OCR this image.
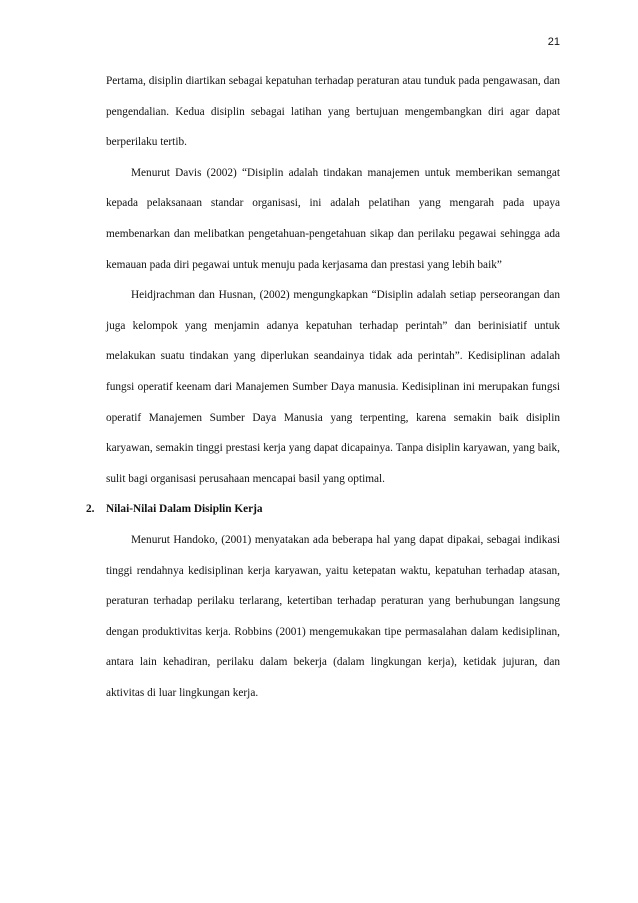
21

Pertama, disiplin diartikan sebagai kepatuhan terhadap peraturan atau tunduk pada pengawasan, dan pengendalian. Kedua disiplin sebagai latihan yang bertujuan mengembangkan diri agar dapat berperilaku tertib.

Menurut Davis (2002) “Disiplin adalah tindakan manajemen untuk memberikan semangat kepada pelaksanaan standar organisasi, ini adalah pelatihan yang mengarah pada upaya membenarkan dan melibatkan pengetahuan-pengetahuan sikap dan perilaku pegawai sehingga ada kemauan pada diri pegawai untuk menuju pada kerjasama dan prestasi yang lebih baik”

Heidjrachman dan Husnan, (2002) mengungkapkan “Disiplin adalah setiap perseorangan dan juga kelompok yang menjamin adanya kepatuhan terhadap perintah” dan berinisiatif untuk melakukan suatu tindakan yang diperlukan seandainya tidak ada perintah”. Kedisiplinan adalah fungsi operatif keenam dari Manajemen Sumber Daya manusia. Kedisiplinan ini merupakan fungsi operatif Manajemen Sumber Daya Manusia yang terpenting, karena semakin baik disiplin karyawan, semakin tinggi prestasi kerja yang dapat dicapainya. Tanpa disiplin karyawan, yang baik, sulit bagi organisasi perusahaan mencapai basil yang optimal.

2.	Nilai-Nilai Dalam Disiplin Kerja

Menurut Handoko, (2001) menyatakan ada beberapa hal yang dapat dipakai, sebagai indikasi tinggi rendahnya kedisiplinan kerja karyawan, yaitu ketepatan waktu, kepatuhan terhadap atasan, peraturan terhadap perilaku terlarang, ketertiban terhadap peraturan yang berhubungan langsung dengan produktivitas kerja. Robbins (2001) mengemukakan tipe permasalahan dalam kedisiplinan, antara lain kehadiran, perilaku dalam bekerja (dalam lingkungan kerja), ketidak jujuran, dan aktivitas di luar lingkungan kerja.
